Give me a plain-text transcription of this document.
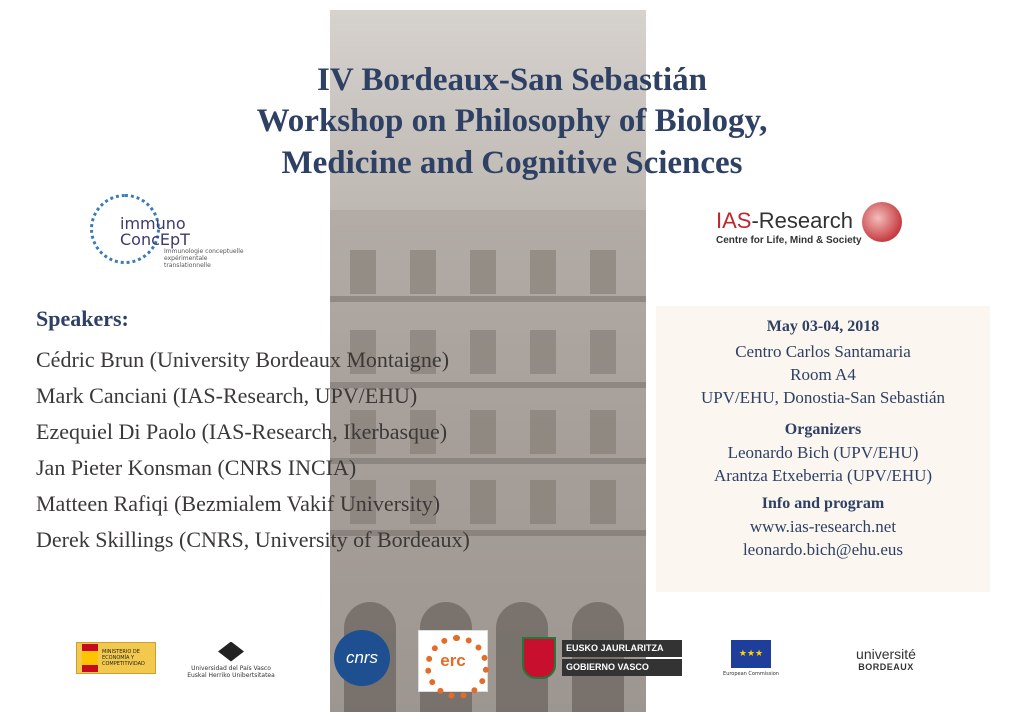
IV Bordeaux-San Sebastián
Workshop on Philosophy of Biology,
Medicine and Cognitive Sciences
immuno ConcEpT
Immunologie conceptuelle expérimentale translationnelle
IAS-Research
Centre for Life, Mind & Society
Speakers:
Cédric Brun (University Bordeaux Montaigne)
Mark Canciani (IAS-Research, UPV/EHU)
Ezequiel Di Paolo (IAS-Research, Ikerbasque)
Jan Pieter Konsman (CNRS INCIA)
Matteen Rafiqi (Bezmialem Vakif University)
Derek Skillings (CNRS, University of Bordeaux)
May 03-04, 2018
Centro Carlos Santamaria
Room A4
UPV/EHU, Donostia-San Sebastián
Organizers
Leonardo Bich (UPV/EHU)
Arantza Etxeberria (UPV/EHU)
Info and program
www.ias-research.net
leonardo.bich@ehu.eus
MINISTERIO DE ECONOMÍA Y COMPETITIVIDAD
Universidad del País Vasco Euskal Herriko Unibertsitatea
cnrs	erc
EUSKO JAURLARITZA
GOBIERNO VASCO
★★★
European Commission
université
BORDEAUX
